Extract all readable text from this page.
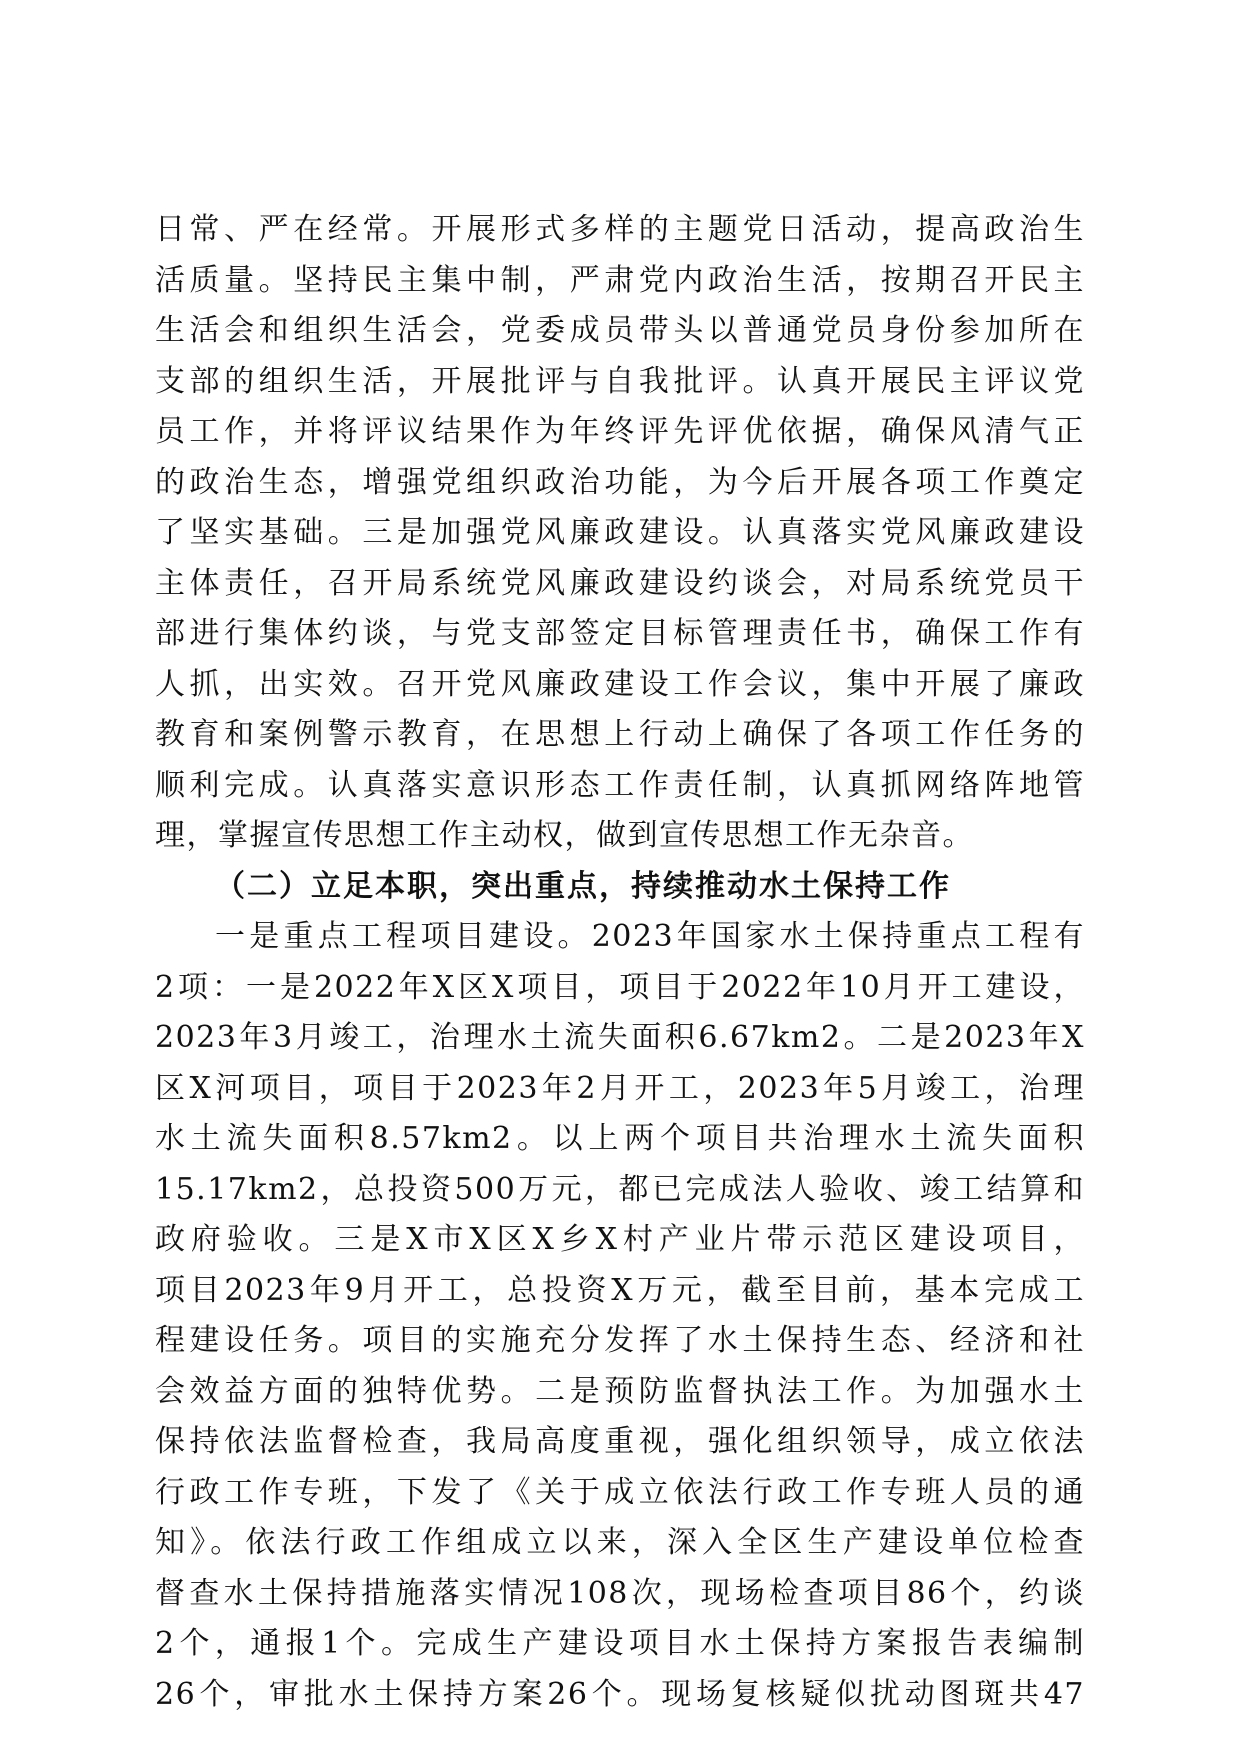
日常、严在经常。开展形式多样的主题党日活动，提高政治生
活质量。坚持民主集中制，严肃党内政治生活，按期召开民主
生活会和组织生活会，党委成员带头以普通党员身份参加所在
支部的组织生活，开展批评与自我批评。认真开展民主评议党
员工作，并将评议结果作为年终评先评优依据，确保风清气正
的政治生态，增强党组织政治功能，为今后开展各项工作奠定
了坚实基础。三是加强党风廉政建设。认真落实党风廉政建设
主体责任，召开局系统党风廉政建设约谈会，对局系统党员干
部进行集体约谈，与党支部签定目标管理责任书，确保工作有
人抓，出实效。召开党风廉政建设工作会议，集中开展了廉政
教育和案例警示教育，在思想上行动上确保了各项工作任务的
顺利完成。认真落实意识形态工作责任制，认真抓网络阵地管
理，掌握宣传思想工作主动权，做到宣传思想工作无杂音。
（二）立足本职，突出重点，持续推动水土保持工作
一是重点工程项目建设。2023年国家水土保持重点工程有
2项：一是2022年X区X项目，项目于2022年10月开工建设，
2023年3月竣工，治理水土流失面积6.67km2。二是2023年X
区X河项目，项目于2023年2月开工，2023年5月竣工，治理
水土流失面积8.57km2。以上两个项目共治理水土流失面积
15.17km2，总投资500万元，都已完成法人验收、竣工结算和
政府验收。三是X市X区X乡X村产业片带示范区建设项目，
项目2023年9月开工，总投资X万元，截至目前，基本完成工
程建设任务。项目的实施充分发挥了水土保持生态、经济和社
会效益方面的独特优势。二是预防监督执法工作。为加强水土
保持依法监督检查，我局高度重视，强化组织领导，成立依法
行政工作专班，下发了《关于成立依法行政工作专班人员的通
知》。依法行政工作组成立以来，深入全区生产建设单位检查
督查水土保持措施落实情况108次，现场检查项目86个，约谈
2个，通报1个。完成生产建设项目水土保持方案报告表编制
26个，审批水土保持方案26个。现场复核疑似扰动图斑共47
